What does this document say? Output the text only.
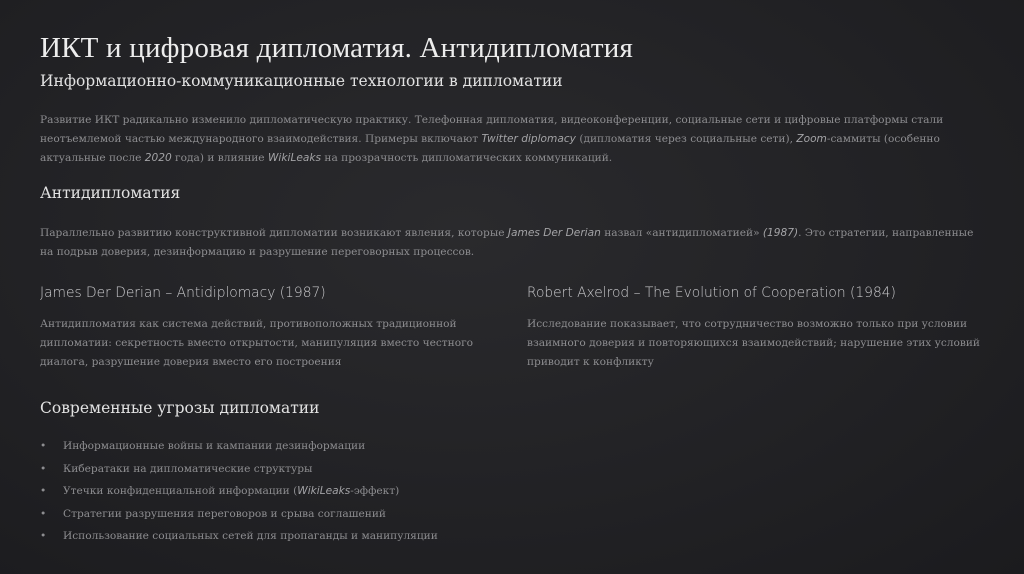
ИКТ и цифровая дипломатия. Антидипломатия
Информационно-коммуникационные технологии в дипломатии

Развитие ИКТ радикально изменило дипломатическую практику. Телефонная дипломатия, видеоконференции, социальные сети и цифровые платформы стали неотъемлемой частью международного взаимодействия. Примеры включают Twitter diplomacy (дипломатия через социальные сети), Zoom-саммиты (особенно актуальные после 2020 года) и влияние WikiLeaks на прозрачность дипломатических коммуникаций.

Антидипломатия

Параллельно развитию конструктивной дипломатии возникают явления, которые James Der Derian назвал «антидипломатией» (1987). Это стратегии, направленные на подрыв доверия, дезинформацию и разрушение переговорных процессов.

James Der Derian – Antidiplomacy (1987)

Антидипломатия как система действий, противоположных традиционной дипломатии: секретность вместо открытости, манипуляция вместо честного диалога, разрушение доверия вместо его построения

Robert Axelrod – The Evolution of Cooperation (1984)

Исследование показывает, что сотрудничество возможно только при условии взаимного доверия и повторяющихся взаимодействий; нарушение этих условий приводит к конфликту

Современные угрозы дипломатии
• Информационные войны и кампании дезинформации
• Кибератаки на дипломатические структуры
• Утечки конфиденциальной информации (WikiLeaks-эффект)
• Стратегии разрушения переговоров и срыва соглашений
• Использование социальных сетей для пропаганды и манипуляции
